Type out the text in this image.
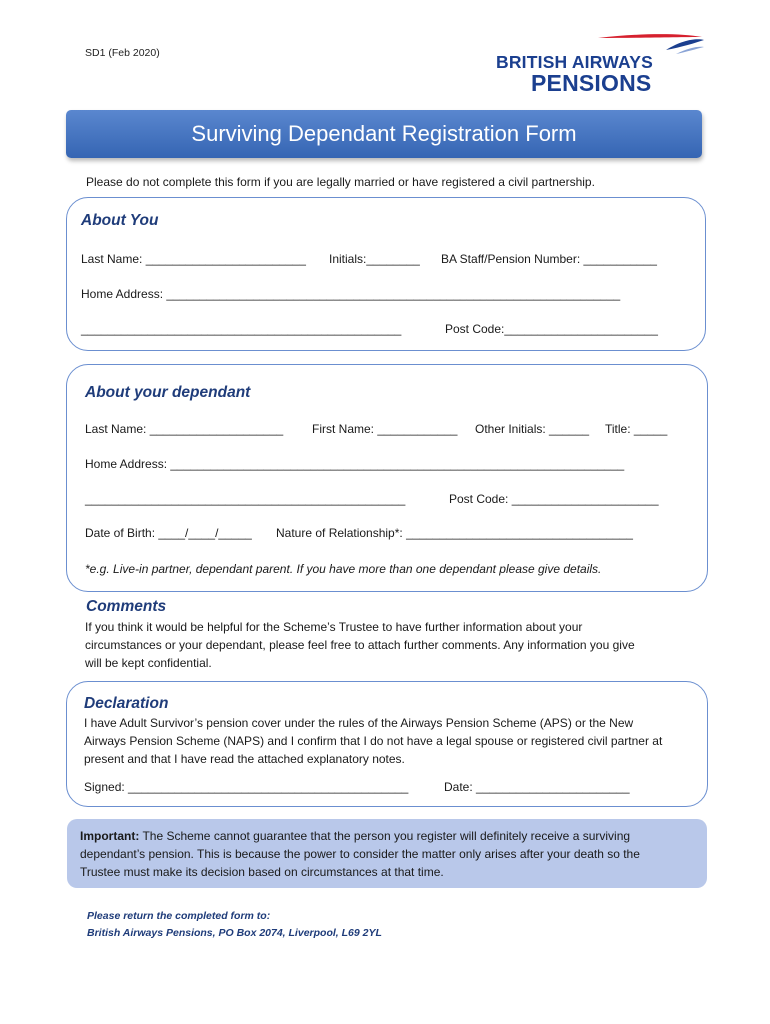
SD1 (Feb 2020)	BRITISH AIRWAYS
PENSIONS
Surviving Dependant Registration Form
Please do not complete this form if you are legally married or have registered a civil partnership.
About You
Last Name: ________________________ Initials:________ BA Staff/Pension Number: ___________
Home Address: ____________________________________________________________________
________________________________________________	Post Code:_______________________
About your dependant
Last Name: ____________________ First Name: ____________ Other Initials: ______ Title: _____
Home Address: ____________________________________________________________________
________________________________________________	Post Code: ______________________
Date of Birth: ____/____/_____ Nature of Relationship*: __________________________________
*e.g. Live-in partner, dependant parent. If you have more than one dependant please give details.
Comments
If you think it would be helpful for the Scheme’s Trustee to have further information about your
circumstances or your dependant, please feel free to attach further comments. Any information you give
will be kept confidential.
Declaration
I have Adult Survivor’s pension cover under the rules of the Airways Pension Scheme (APS) or the New
Airways Pension Scheme (NAPS) and I confirm that I do not have a legal spouse or registered civil partner at
present and that I have read the attached explanatory notes.
Signed: __________________________________________	Date: _______________________
Important: The Scheme cannot guarantee that the person you register will definitely receive a surviving
dependant’s pension. This is because the power to consider the matter only arises after your death so the
Trustee must make its decision based on circumstances at that time.
Please return the completed form to:
British Airways Pensions, PO Box 2074, Liverpool, L69 2YL
